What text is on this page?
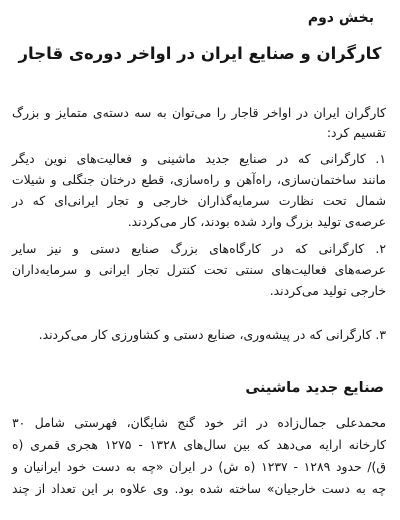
بخش دوم
کارگران و صنایع ایران در اواخر دوره‌ی قاجار
کارگران ایران در اواخر قاجار را می‌توان به سه دسته‌ی متمایز و بزرگ
تقسیم کرد:
۱. کارگرانی که در صنایع جدید ماشینی و فعالیت‌های نوین دیگر
مانند ساختمان‌سازی، راه‌آهن و راه‌سازی، قطع درختان جنگلی و شیلات
شمال تحت نظارت سرمایه‌گذاران خارجی و تجار ایرانی‌ای که در
عرصه‌ی تولید بزرگ وارد شده بودند، کار می‌کردند.
۲. کارگرانی که در کارگاه‌های بزرگ صنایع دستی و نیز سایر
عرصه‌های فعالیت‌های سنتی تحت کنترل تجار ایرانی و سرمایه‌داران
خارجی تولید می‌کردند.
۳. کارگرانی که در پیشه‌وری، صنایع دستی و کشاورزی کار می‌کردند.
صنایع جدید ماشینی
محمدعلی جمال‌زاده در اثر خود گنج شایگان، فهرستی شامل ۳۰
کارخانه ارایه می‌دهد که بین سال‌های ۱۳۲۸ - ۱۲۷۵ هجری قمری (ه
ق)/ حدود ۱۲۸۹ - ۱۲۳۷ (ه ش) در ایران «چه به دست خود ایرانیان و
چه به دست خارجیان» ساخته شده بود. وی علاوه بر این تعداد از چند
